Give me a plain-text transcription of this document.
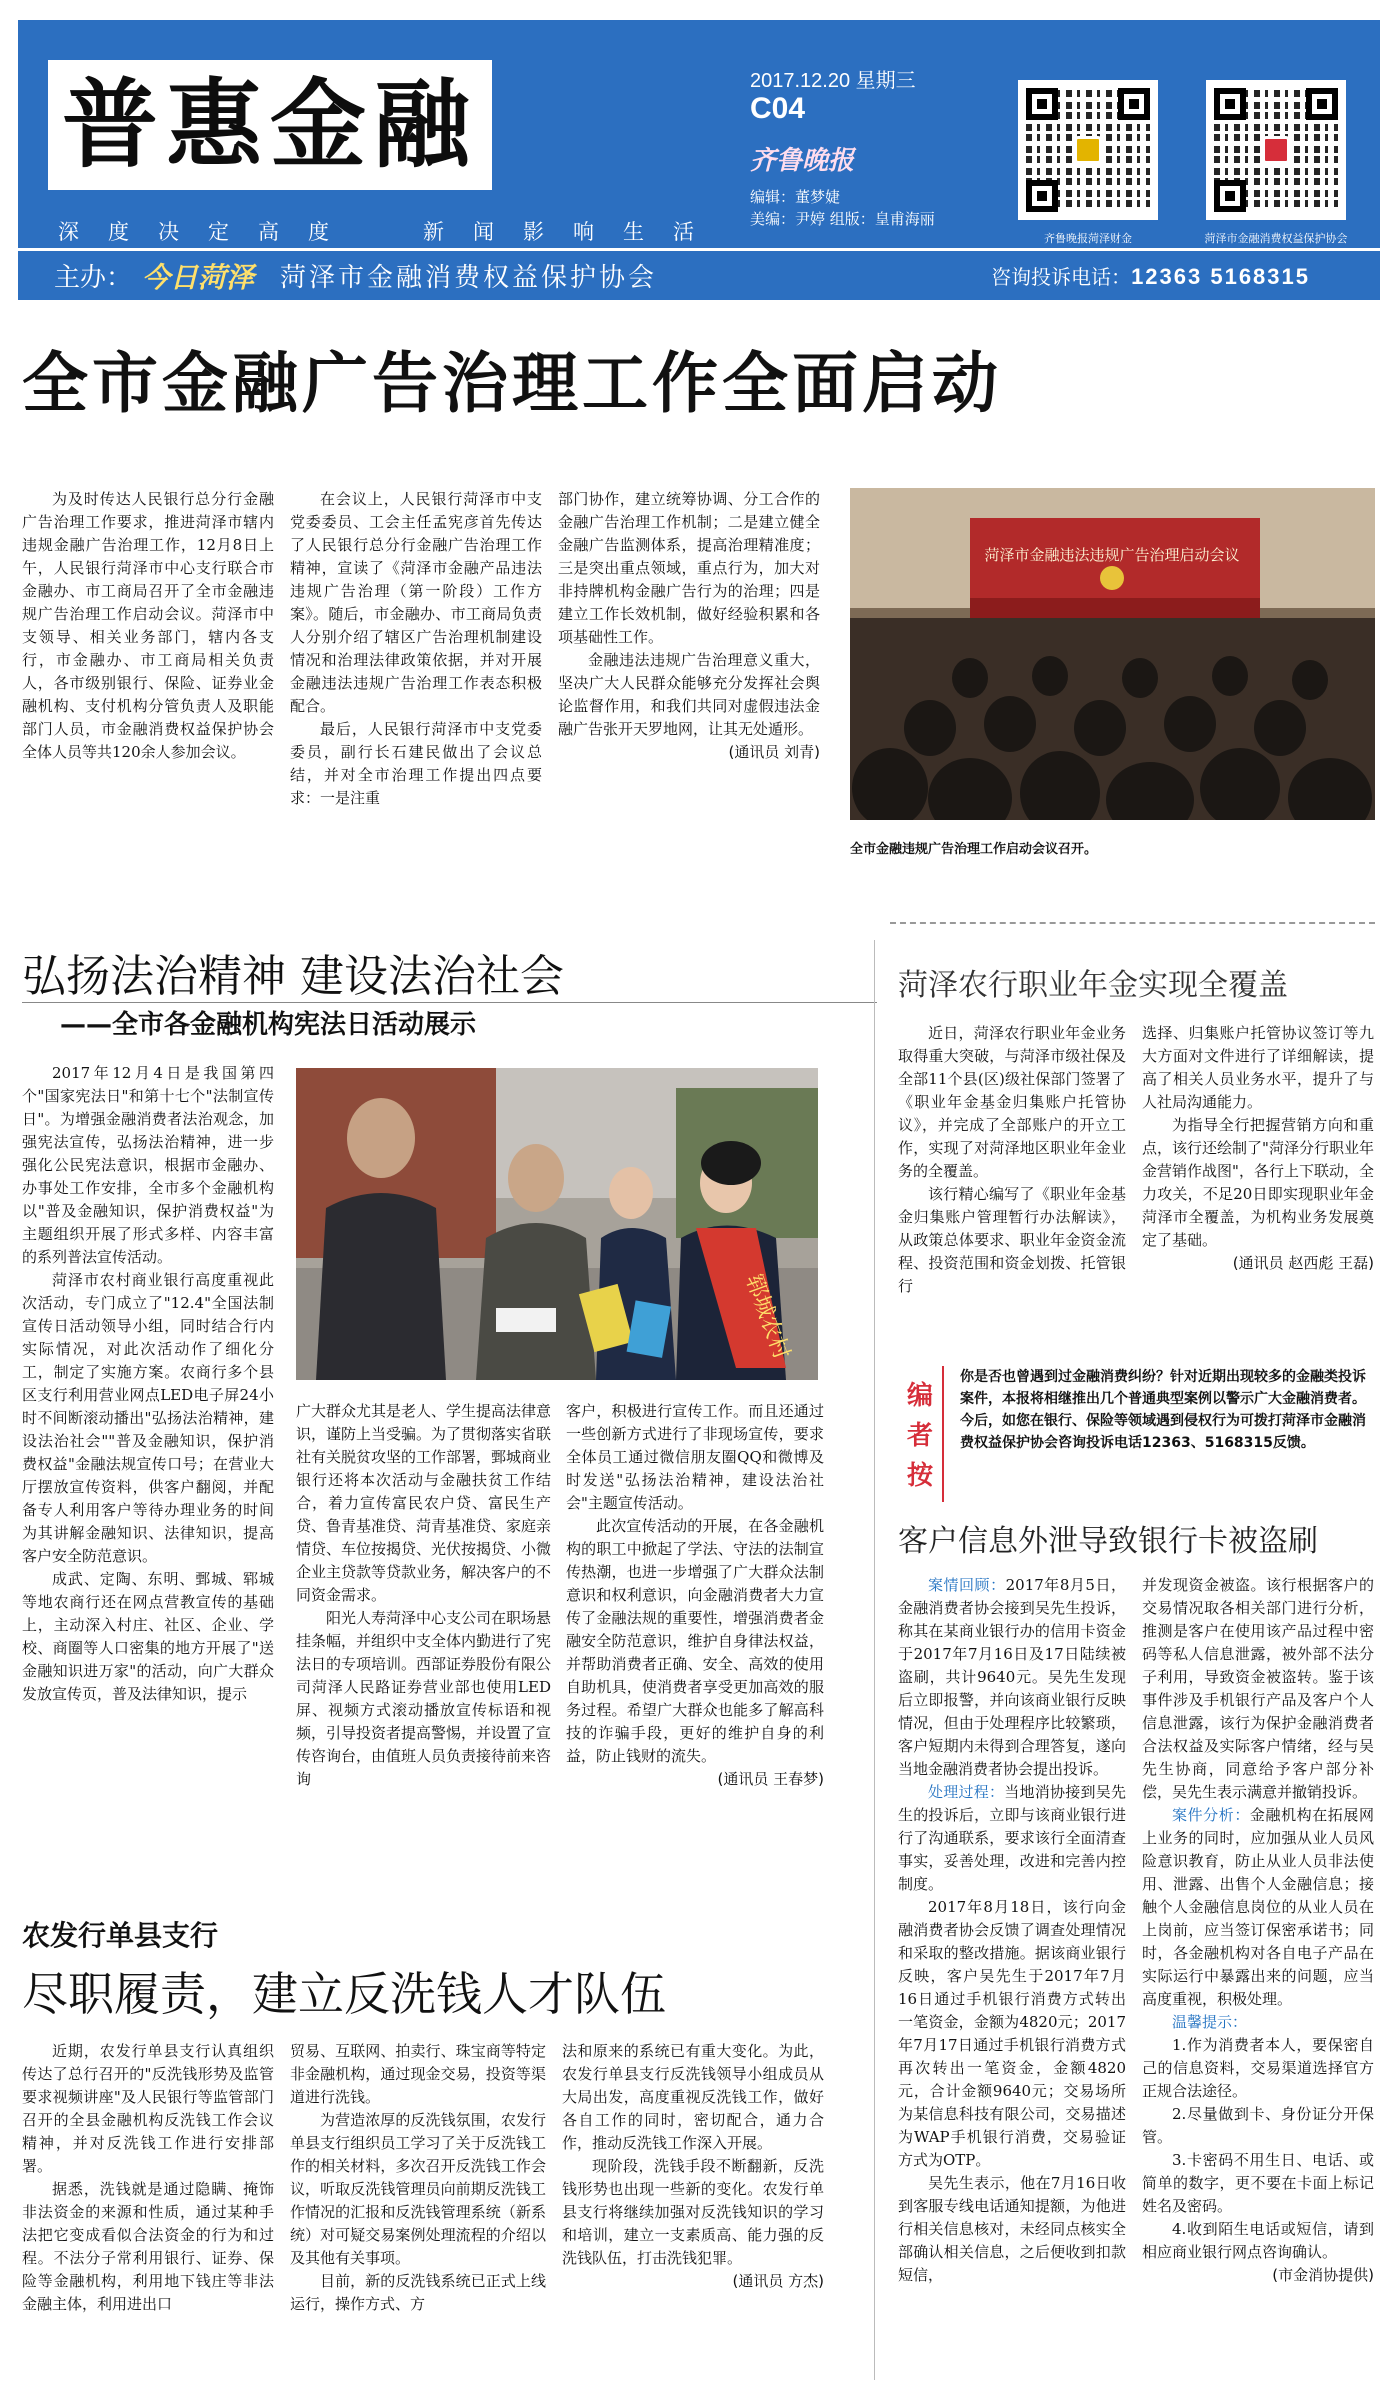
普惠金融
深 度 决 定 高 度	新 闻 影 响 生 活
2017.12.20 星期三
C04
齐鲁晚报
编辑：董梦婕
美编：尹婷 组版：皇甫海丽
齐鲁晚报菏泽财金	菏泽市金融消费权益保护协会
主办： 今日菏泽 菏泽市金融消费权益保护协会	咨询投诉电话：12363 5168315
全市金融广告治理工作全面启动

为及时传达人民银行总分行金融广告治理工作要求，推进菏泽市辖内违规金融广告治理工作，12月8日上午，人民银行菏泽市中心支行联合市金融办、市工商局召开了全市金融违规广告治理工作启动会议。菏泽市中支领导、相关业务部门，辖内各支行，市金融办、市工商局相关负责人，各市级别银行、保险、证券业金融机构、支付机构分管负责人及职能部门人员，市金融消费权益保护协会全体人员等共120余人参加会议。

在会议上，人民银行菏泽市中支党委委员、工会主任孟宪彦首先传达了人民银行总分行金融广告治理工作精神，宣读了《菏泽市金融产品违法违规广告治理（第一阶段）工作方案》。随后，市金融办、市工商局负责人分别介绍了辖区广告治理机制建设情况和治理法律政策依据，并对开展金融违法违规广告治理工作表态积极配合。

最后，人民银行菏泽市中支党委委员，副行长石建民做出了会议总结，并对全市治理工作提出四点要求：一是注重

部门协作，建立统筹协调、分工合作的金融广告治理工作机制；二是建立健全金融广告监测体系，提高治理精准度；三是突出重点领域，重点行为，加大对非持牌机构金融广告行为的治理；四是建立工作长效机制，做好经验积累和各项基础性工作。

金融违法违规广告治理意义重大，坚决广大人民群众能够充分发挥社会舆论监督作用，和我们共同对虚假违法金融广告张开天罗地网，让其无处遁形。

(通讯员 刘青)
菏泽市金融违法违规广告治理启动会议
全市金融违规广告治理工作启动会议召开。
弘扬法治精神 建设法治社会
——全市各金融机构宪法日活动展示

2017年12月4日是我国第四个"国家宪法日"和第十七个"法制宣传日"。为增强金融消费者法治观念，加强宪法宣传，弘扬法治精神，进一步强化公民宪法意识，根据市金融办、办事处工作安排，全市多个金融机构以"普及金融知识，保护消费权益"为主题组织开展了形式多样、内容丰富的系列普法宣传活动。

菏泽市农村商业银行高度重视此次活动，专门成立了"12.4"全国法制宣传日活动领导小组，同时结合行内实际情况，对此次活动作了细化分工，制定了实施方案。农商行多个县区支行利用营业网点LED电子屏24小时不间断滚动播出"弘扬法治精神，建设法治社会""普及金融知识，保护消费权益"金融法规宣传口号；在营业大厅摆放宣传资料，供客户翻阅，并配备专人利用客户等待办理业务的时间为其讲解金融知识、法律知识，提高客户安全防范意识。

成武、定陶、东明、鄄城、郓城等地农商行还在网点营教宣传的基础上，主动深入村庄、社区、企业、学校、商圈等人口密集的地方开展了"送金融知识进万家"的活动，向广大群众发放宣传页，普及法律知识，提示

郓城农村

广大群众尤其是老人、学生提高法律意识，谨防上当受骗。为了贯彻落实省联社有关脱贫攻坚的工作部署，鄄城商业银行还将本次活动与金融扶贫工作结合，着力宣传富民农户贷、富民生产贷、鲁青基准贷、菏青基准贷、家庭亲情贷、车位按揭贷、光伏按揭贷、小微企业主贷款等贷款业务，解决客户的不同资金需求。

阳光人寿菏泽中心支公司在职场悬挂条幅，并组织中支全体内勤进行了宪法日的专项培训。西部证券股份有限公司菏泽人民路证券营业部也使用LED屏、视频方式滚动播放宣传标语和视频，引导投资者提高警惕，并设置了宣传咨询台，由值班人员负责接待前来咨询

客户，积极进行宣传工作。而且还通过一些创新方式进行了非现场宣传，要求全体员工通过微信朋友圈QQ和微博及时发送"弘扬法治精神，建设法治社会"主题宣传活动。

此次宣传活动的开展，在各金融机构的职工中掀起了学法、守法的法制宣传热潮，也进一步增强了广大群众法制意识和权利意识，向金融消费者大力宣传了金融法规的重要性，增强消费者金融安全防范意识，维护自身律法权益，并帮助消费者正确、安全、高效的使用自助机具，使消费者享受更加高效的服务过程。希望广大群众也能多了解高科技的诈骗手段，更好的维护自身的利益，防止钱财的流失。

(通讯员 王春梦)
农发行单县支行
尽职履责，建立反洗钱人才队伍

近期，农发行单县支行认真组织传达了总行召开的"反洗钱形势及监管要求视频讲座"及人民银行等监管部门召开的全县金融机构反洗钱工作会议精神，并对反洗钱工作进行安排部署。

据悉，洗钱就是通过隐瞒、掩饰非法资金的来源和性质，通过某种手法把它变成看似合法资金的行为和过程。不法分子常利用银行、证券、保险等金融机构，利用地下钱庄等非法金融主体，利用进出口

贸易、互联网、拍卖行、珠宝商等特定非金融机构，通过现金交易，投资等渠道进行洗钱。

为营造浓厚的反洗钱氛围，农发行单县支行组织员工学习了关于反洗钱工作的相关材料，多次召开反洗钱工作会议，听取反洗钱管理员向前期反洗钱工作情况的汇报和反洗钱管理系统（新系统）对可疑交易案例处理流程的介绍以及其他有关事项。

目前，新的反洗钱系统已正式上线运行，操作方式、方

法和原来的系统已有重大变化。为此，农发行单县支行反洗钱领导小组成员从大局出发，高度重视反洗钱工作，做好各自工作的同时，密切配合，通力合作，推动反洗钱工作深入开展。

现阶段，洗钱手段不断翻新，反洗钱形势也出现一些新的变化。农发行单县支行将继续加强对反洗钱知识的学习和培训，建立一支素质高、能力强的反洗钱队伍，打击洗钱犯罪。

(通讯员 方杰)
菏泽农行职业年金实现全覆盖

近日，菏泽农行职业年金业务取得重大突破，与菏泽市级社保及全部11个县(区)级社保部门签署了《职业年金基金归集账户托管协议》，并完成了全部账户的开立工作，实现了对菏泽地区职业年金业务的全覆盖。

该行精心编写了《职业年金基金归集账户管理暂行办法解读》，从政策总体要求、职业年金资金流程、投资范围和资金划拨、托管银行

选择、归集账户托管协议签订等九大方面对文件进行了详细解读，提高了相关人员业务水平，提升了与人社局沟通能力。

为指导全行把握营销方向和重点，该行还绘制了"菏泽分行职业年金营销作战图"，各行上下联动，全力攻关，不足20日即实现职业年金菏泽市全覆盖，为机构业务发展奠定了基础。

(通讯员 赵西彪 王磊)
编者按
你是否也曾遇到过金融消费纠纷？针对近期出现较多的金融类投诉案件，本报将相继推出几个普通典型案例以警示广大金融消费者。今后，如您在银行、保险等领域遇到侵权行为可拨打菏泽市金融消费权益保护协会咨询投诉电话12363、5168315反馈。
客户信息外泄导致银行卡被盗刷

案情回顾：2017年8月5日，金融消费者协会接到吴先生投诉，称其在某商业银行办的信用卡资金于2017年7月16日及17日陆续被盗刷，共计9640元。吴先生发现后立即报警，并向该商业银行反映情况，但由于处理程序比较繁琐，客户短期内未得到合理答复，遂向当地金融消费者协会提出投诉。

处理过程：当地消协接到吴先生的投诉后，立即与该商业银行进行了沟通联系，要求该行全面清查事实，妥善处理，改进和完善内控制度。

2017年8月18日，该行向金融消费者协会反馈了调查处理情况和采取的整改措施。据该商业银行反映，客户吴先生于2017年7月16日通过手机银行消费方式转出一笔资金，金额为4820元；2017年7月17日通过手机银行消费方式再次转出一笔资金，金额4820元，合计金额9640元；交易场所为某信息科技有限公司，交易描述为WAP手机银行消费，交易验证方式为OTP。

吴先生表示，他在7月16日收到客服专线电话通知提额，为他进行相关信息核对，未经同点核实全部确认相关信息，之后便收到扣款短信，

并发现资金被盗。该行根据客户的交易情况取各相关部门进行分析，推测是客户在使用该产品过程中密码等私人信息泄露，被外部不法分子利用，导致资金被盗转。鉴于该事件涉及手机银行产品及客户个人信息泄露，该行为保护金融消费者合法权益及实际客户情绪，经与吴先生协商，同意给予客户部分补偿，吴先生表示满意并撤销投诉。

案件分析：金融机构在拓展网上业务的同时，应加强从业人员风险意识教育，防止从业人员非法使用、泄露、出售个人金融信息；接触个人金融信息岗位的从业人员在上岗前，应当签订保密承诺书；同时，各金融机构对各自电子产品在实际运行中暴露出来的问题，应当高度重视，积极处理。

温馨提示：

1.作为消费者本人，要保密自己的信息资料，交易渠道选择官方正规合法途径。

2.尽量做到卡、身份证分开保管。

3.卡密码不用生日、电话、或简单的数字，更不要在卡面上标记姓名及密码。

4.收到陌生电话或短信，请到相应商业银行网点咨询确认。

(市金消协提供)
